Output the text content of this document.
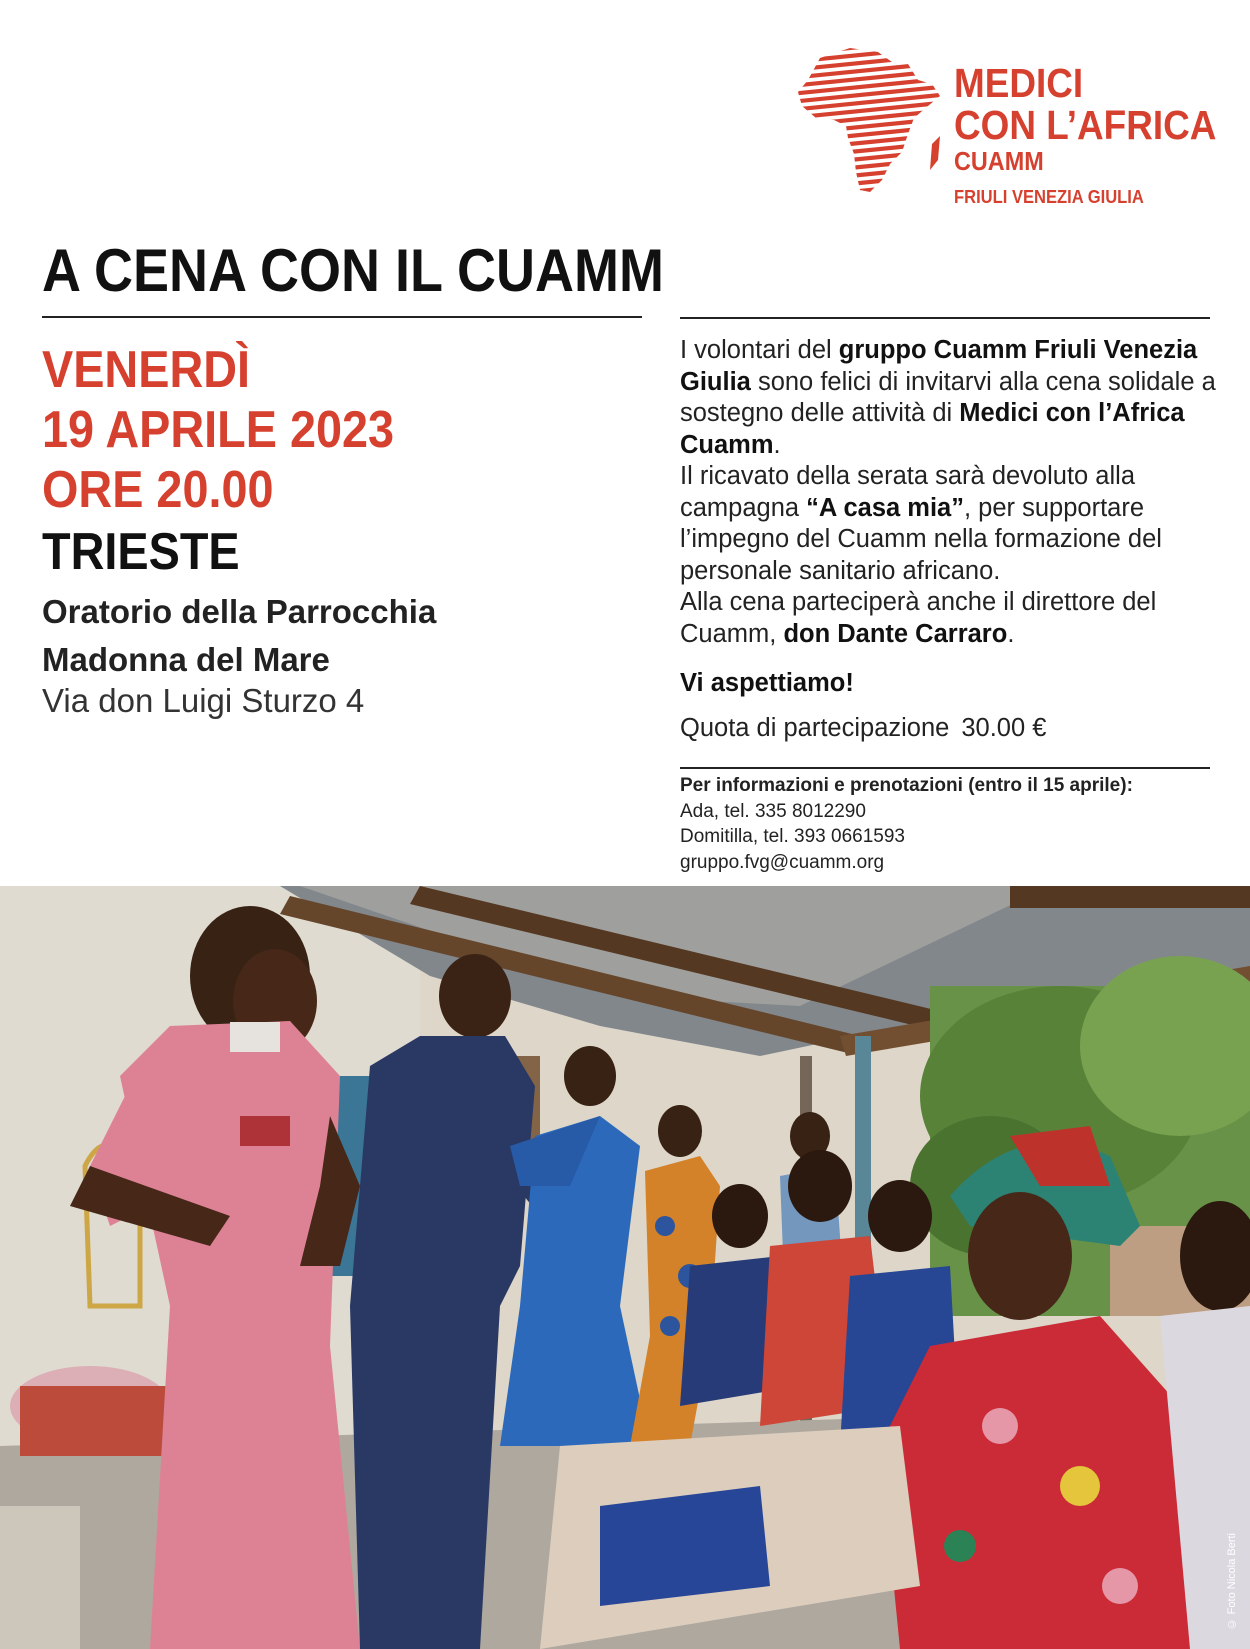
MEDICI
CON L’AFRICA
CUAMM
FRIULI VENEZIA GIULIA
A CENA CON IL CUAMM
VENERDÌ
19 APRILE 2023
ORE 20.00
TRIESTE
Oratorio della Parrocchia
Madonna del Mare
Via don Luigi Sturzo 4

I volontari del gruppo Cuamm Friuli Venezia Giulia sono felici di invitarvi alla cena solidale a sostegno delle attività di Medici con l’Africa Cuamm.

Il ricavato della serata sarà devoluto alla campagna “A casa mia”, per supportare l’impegno del Cuamm nella formazione del personale sanitario africano.

Alla cena parteciperà anche il direttore del Cuamm, don Dante Carraro.

Vi aspettiamo!
Quota di partecipazione 30.00 €
Per informazioni e prenotazioni (entro il 15 aprile):
Ada, tel. 335 8012290
Domitilla, tel. 393 0661593
gruppo.fvg@cuamm.org
© Foto Nicola Berti
